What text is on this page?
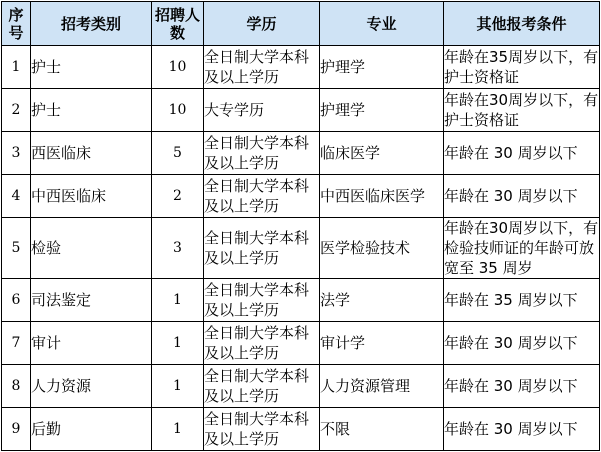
序号	招考类别	招聘人数	学历	专业	其他报考条件
1	护士	10	全日制大学本科及以上学历	护理学	年龄在35周岁以下，有护士资格证
2	护士	10	大专学历	护理学	年龄在30周岁以下，有护士资格证
3	西医临床	5	全日制大学本科及以上学历	临床医学	年龄在 30 周岁以下
4	中西医临床	2	全日制大学本科及以上学历	中西医临床医学	年龄在 30 周岁以下
5	检验	3	全日制大学本科及以上学历	医学检验技术	年龄在30周岁以下，有检验技师证的年龄可放宽至 35 周岁
6	司法鉴定	1	全日制大学本科及以上学历	法学	年龄在 35 周岁以下
7	审计	1	全日制大学本科及以上学历	审计学	年龄在 30 周岁以下
8	人力资源	1	全日制大学本科及以上学历	人力资源管理	年龄在 30 周岁以下
9	后勤	1	全日制大学本科及以上学历	不限	年龄在 30 周岁以下
